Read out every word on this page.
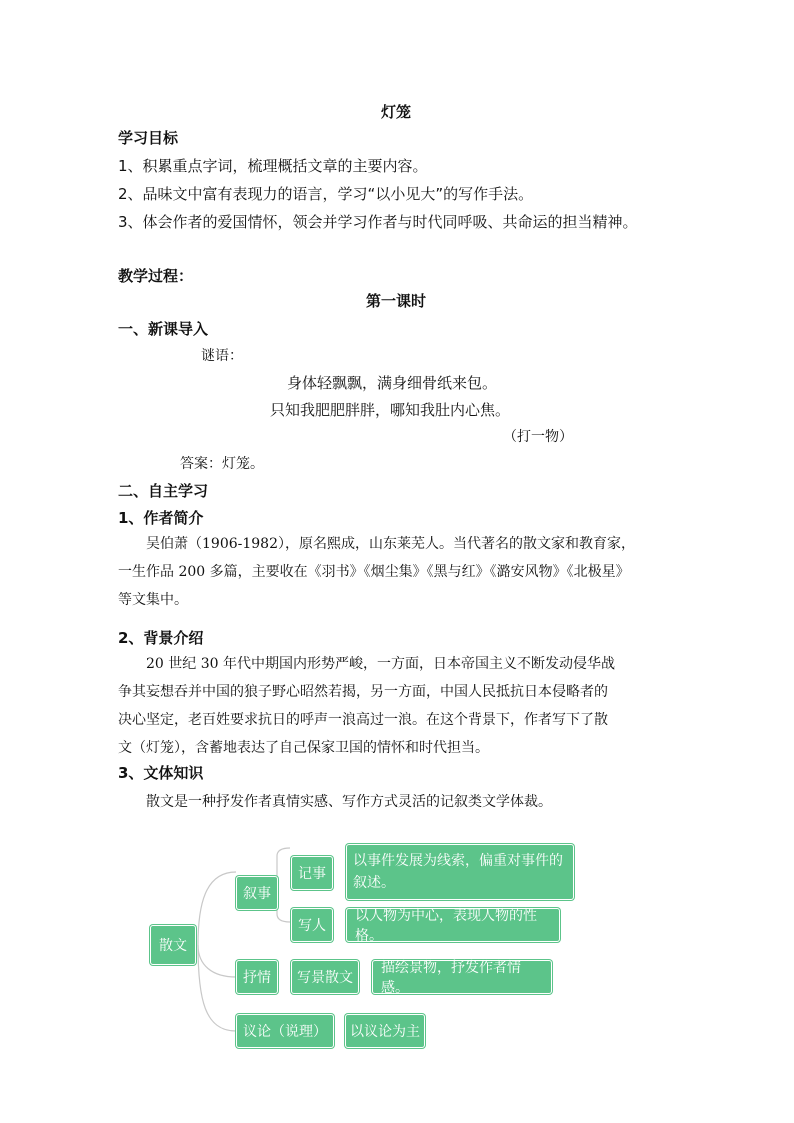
灯笼
学习目标
1、积累重点字词，梳理概括文章的主要内容。
2、品味文中富有表现力的语言，学习“以小见大”的写作手法。
3、体会作者的爱国情怀，领会并学习作者与时代同呼吸、共命运的担当精神。
教学过程：
第一课时
一、新课导入
谜语：
身体轻飘飘，满身细骨纸来包。
只知我肥肥胖胖，哪知我肚内心焦。
（打一物）
答案：灯笼。
二、自主学习
1、作者简介
吴伯萧（1906-1982），原名熙成，山东莱芜人。当代著名的散文家和教育家，
一生作品 200 多篇，主要收在《羽书》《烟尘集》《黑与红》《潞安风物》《北极星》
等文集中。
2、背景介绍
20 世纪 30 年代中期国内形势严峻，一方面，日本帝国主义不断发动侵华战
争其妄想吞并中国的狼子野心昭然若揭，另一方面，中国人民抵抗日本侵略者的
决心坚定，老百姓要求抗日的呼声一浪高过一浪。在这个背景下，作者写下了散
文（灯笼），含蓄地表达了自己保家卫国的情怀和时代担当。
3、文体知识
散文是一种抒发作者真情实感、写作方式灵活的记叙类文学体裁。
散文
叙事
记事
以事件发展为线索，偏重对事件的叙述。
写人
以人物为中心，表现人物的性格。
抒情	写景散文
描绘景物，抒发作者情感。
议论（说理）	以议论为主
